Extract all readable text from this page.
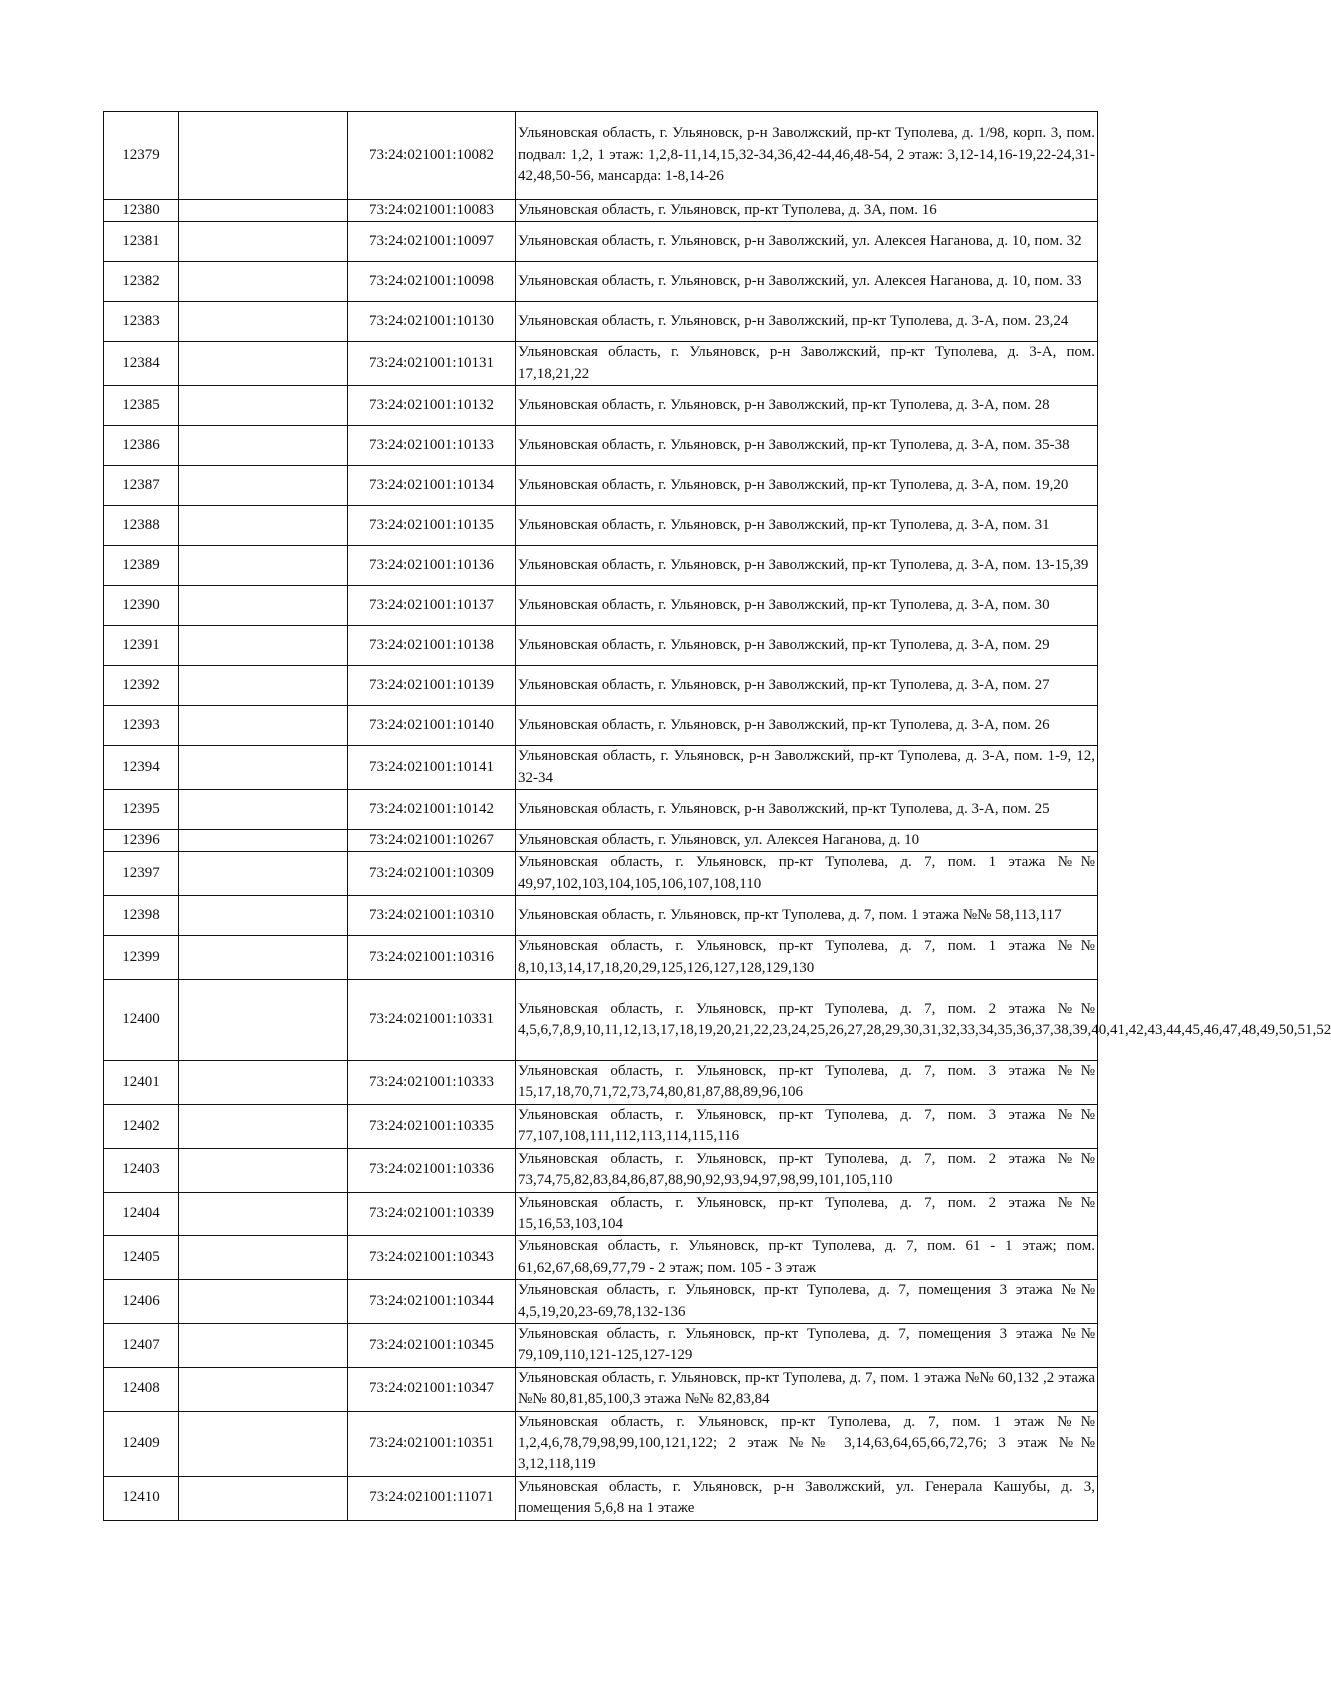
12379		73:24:021001:10082	Ульяновская область, г. Ульяновск, р-н Заволжский, пр-кт Туполева, д. 1/98, корп. 3, пом. подвал: 1,2, 1 этаж: 1,2,8-11,14,15,32-34,36,42-44,46,48-54, 2 этаж: 3,12-14,16-19,22-24,31-42,48,50-56, мансарда: 1-8,14-26
12380		73:24:021001:10083	Ульяновская область, г. Ульяновск, пр-кт Туполева, д. 3А, пом. 16
12381		73:24:021001:10097	Ульяновская область, г. Ульяновск, р-н Заволжский, ул. Алексея Наганова, д. 10, пом. 32
12382		73:24:021001:10098	Ульяновская область, г. Ульяновск, р-н Заволжский, ул. Алексея Наганова, д. 10, пом. 33
12383		73:24:021001:10130	Ульяновская область, г. Ульяновск, р-н Заволжский, пр-кт Туполева, д. 3-А, пом. 23,24
12384		73:24:021001:10131	Ульяновская область, г. Ульяновск, р-н Заволжский, пр-кт Туполева, д. 3-А, пом. 17,18,21,22
12385		73:24:021001:10132	Ульяновская область, г. Ульяновск, р-н Заволжский, пр-кт Туполева, д. 3-А, пом. 28
12386		73:24:021001:10133	Ульяновская область, г. Ульяновск, р-н Заволжский, пр-кт Туполева, д. 3-А, пом. 35-38
12387		73:24:021001:10134	Ульяновская область, г. Ульяновск, р-н Заволжский, пр-кт Туполева, д. 3-А, пом. 19,20
12388		73:24:021001:10135	Ульяновская область, г. Ульяновск, р-н Заволжский, пр-кт Туполева, д. 3-А, пом. 31
12389		73:24:021001:10136	Ульяновская область, г. Ульяновск, р-н Заволжский, пр-кт Туполева, д. 3-А, пом. 13-15,39
12390		73:24:021001:10137	Ульяновская область, г. Ульяновск, р-н Заволжский, пр-кт Туполева, д. 3-А, пом. 30
12391		73:24:021001:10138	Ульяновская область, г. Ульяновск, р-н Заволжский, пр-кт Туполева, д. 3-А, пом. 29
12392		73:24:021001:10139	Ульяновская область, г. Ульяновск, р-н Заволжский, пр-кт Туполева, д. 3-А, пом. 27
12393		73:24:021001:10140	Ульяновская область, г. Ульяновск, р-н Заволжский, пр-кт Туполева, д. 3-А, пом. 26
12394		73:24:021001:10141	Ульяновская область, г. Ульяновск, р-н Заволжский, пр-кт Туполева, д. 3-А, пом. 1-9, 12, 32-34
12395		73:24:021001:10142	Ульяновская область, г. Ульяновск, р-н Заволжский, пр-кт Туполева, д. 3-А, пом. 25
12396		73:24:021001:10267	Ульяновская область, г. Ульяновск, ул. Алексея Наганова, д. 10
12397		73:24:021001:10309	Ульяновская область, г. Ульяновск, пр-кт Туполева, д. 7, пом. 1 этажа №№ 49,97,102,103,104,105,106,107,108,110
12398		73:24:021001:10310	Ульяновская область, г. Ульяновск, пр-кт Туполева, д. 7, пом. 1 этажа №№ 58,113,117
12399		73:24:021001:10316	Ульяновская область, г. Ульяновск, пр-кт Туполева, д. 7, пом. 1 этажа №№ 8,10,13,14,17,18,20,29,125,126,127,128,129,130
12400		73:24:021001:10331	Ульяновская область, г. Ульяновск, пр-кт Туполева, д. 7, пом. 2 этажа №№ 4,5,6,7,8,9,10,11,12,13,17,18,19,20,21,22,23,24,25,26,27,28,29,30,31,32,33,34,35,36,37,38,39,40,41,42,43,44,45,46,47,48,49,50,51,52
12401		73:24:021001:10333	Ульяновская область, г. Ульяновск, пр-кт Туполева, д. 7, пом. 3 этажа №№ 15,17,18,70,71,72,73,74,80,81,87,88,89,96,106
12402		73:24:021001:10335	Ульяновская область, г. Ульяновск, пр-кт Туполева, д. 7, пом. 3 этажа №№ 77,107,108,111,112,113,114,115,116
12403		73:24:021001:10336	Ульяновская область, г. Ульяновск, пр-кт Туполева, д. 7, пом. 2 этажа №№ 73,74,75,82,83,84,86,87,88,90,92,93,94,97,98,99,101,105,110
12404		73:24:021001:10339	Ульяновская область, г. Ульяновск, пр-кт Туполева, д. 7, пом. 2 этажа №№ 15,16,53,103,104
12405		73:24:021001:10343	Ульяновская область, г. Ульяновск, пр-кт Туполева, д. 7, пом. 61 - 1 этаж; пом. 61,62,67,68,69,77,79 - 2 этаж; пом. 105 - 3 этаж
12406		73:24:021001:10344	Ульяновская область, г. Ульяновск, пр-кт Туполева, д. 7, помещения 3 этажа №№ 4,5,19,20,23-69,78,132-136
12407		73:24:021001:10345	Ульяновская область, г. Ульяновск, пр-кт Туполева, д. 7, помещения 3 этажа №№ 79,109,110,121-125,127-129
12408		73:24:021001:10347	Ульяновская область, г. Ульяновск, пр-кт Туполева, д. 7, пом. 1 этажа №№ 60,132 ,2 этажа №№ 80,81,85,100,3 этажа №№ 82,83,84
12409		73:24:021001:10351	Ульяновская область, г. Ульяновск, пр-кт Туполева, д. 7, пом. 1 этаж №№ 1,2,4,6,78,79,98,99,100,121,122; 2 этаж №№ 3,14,63,64,65,66,72,76; 3 этаж №№ 3,12,118,119
12410		73:24:021001:11071	Ульяновская область, г. Ульяновск, р-н Заволжский, ул. Генерала Кашубы, д. 3, помещения 5,6,8 на 1 этаже
